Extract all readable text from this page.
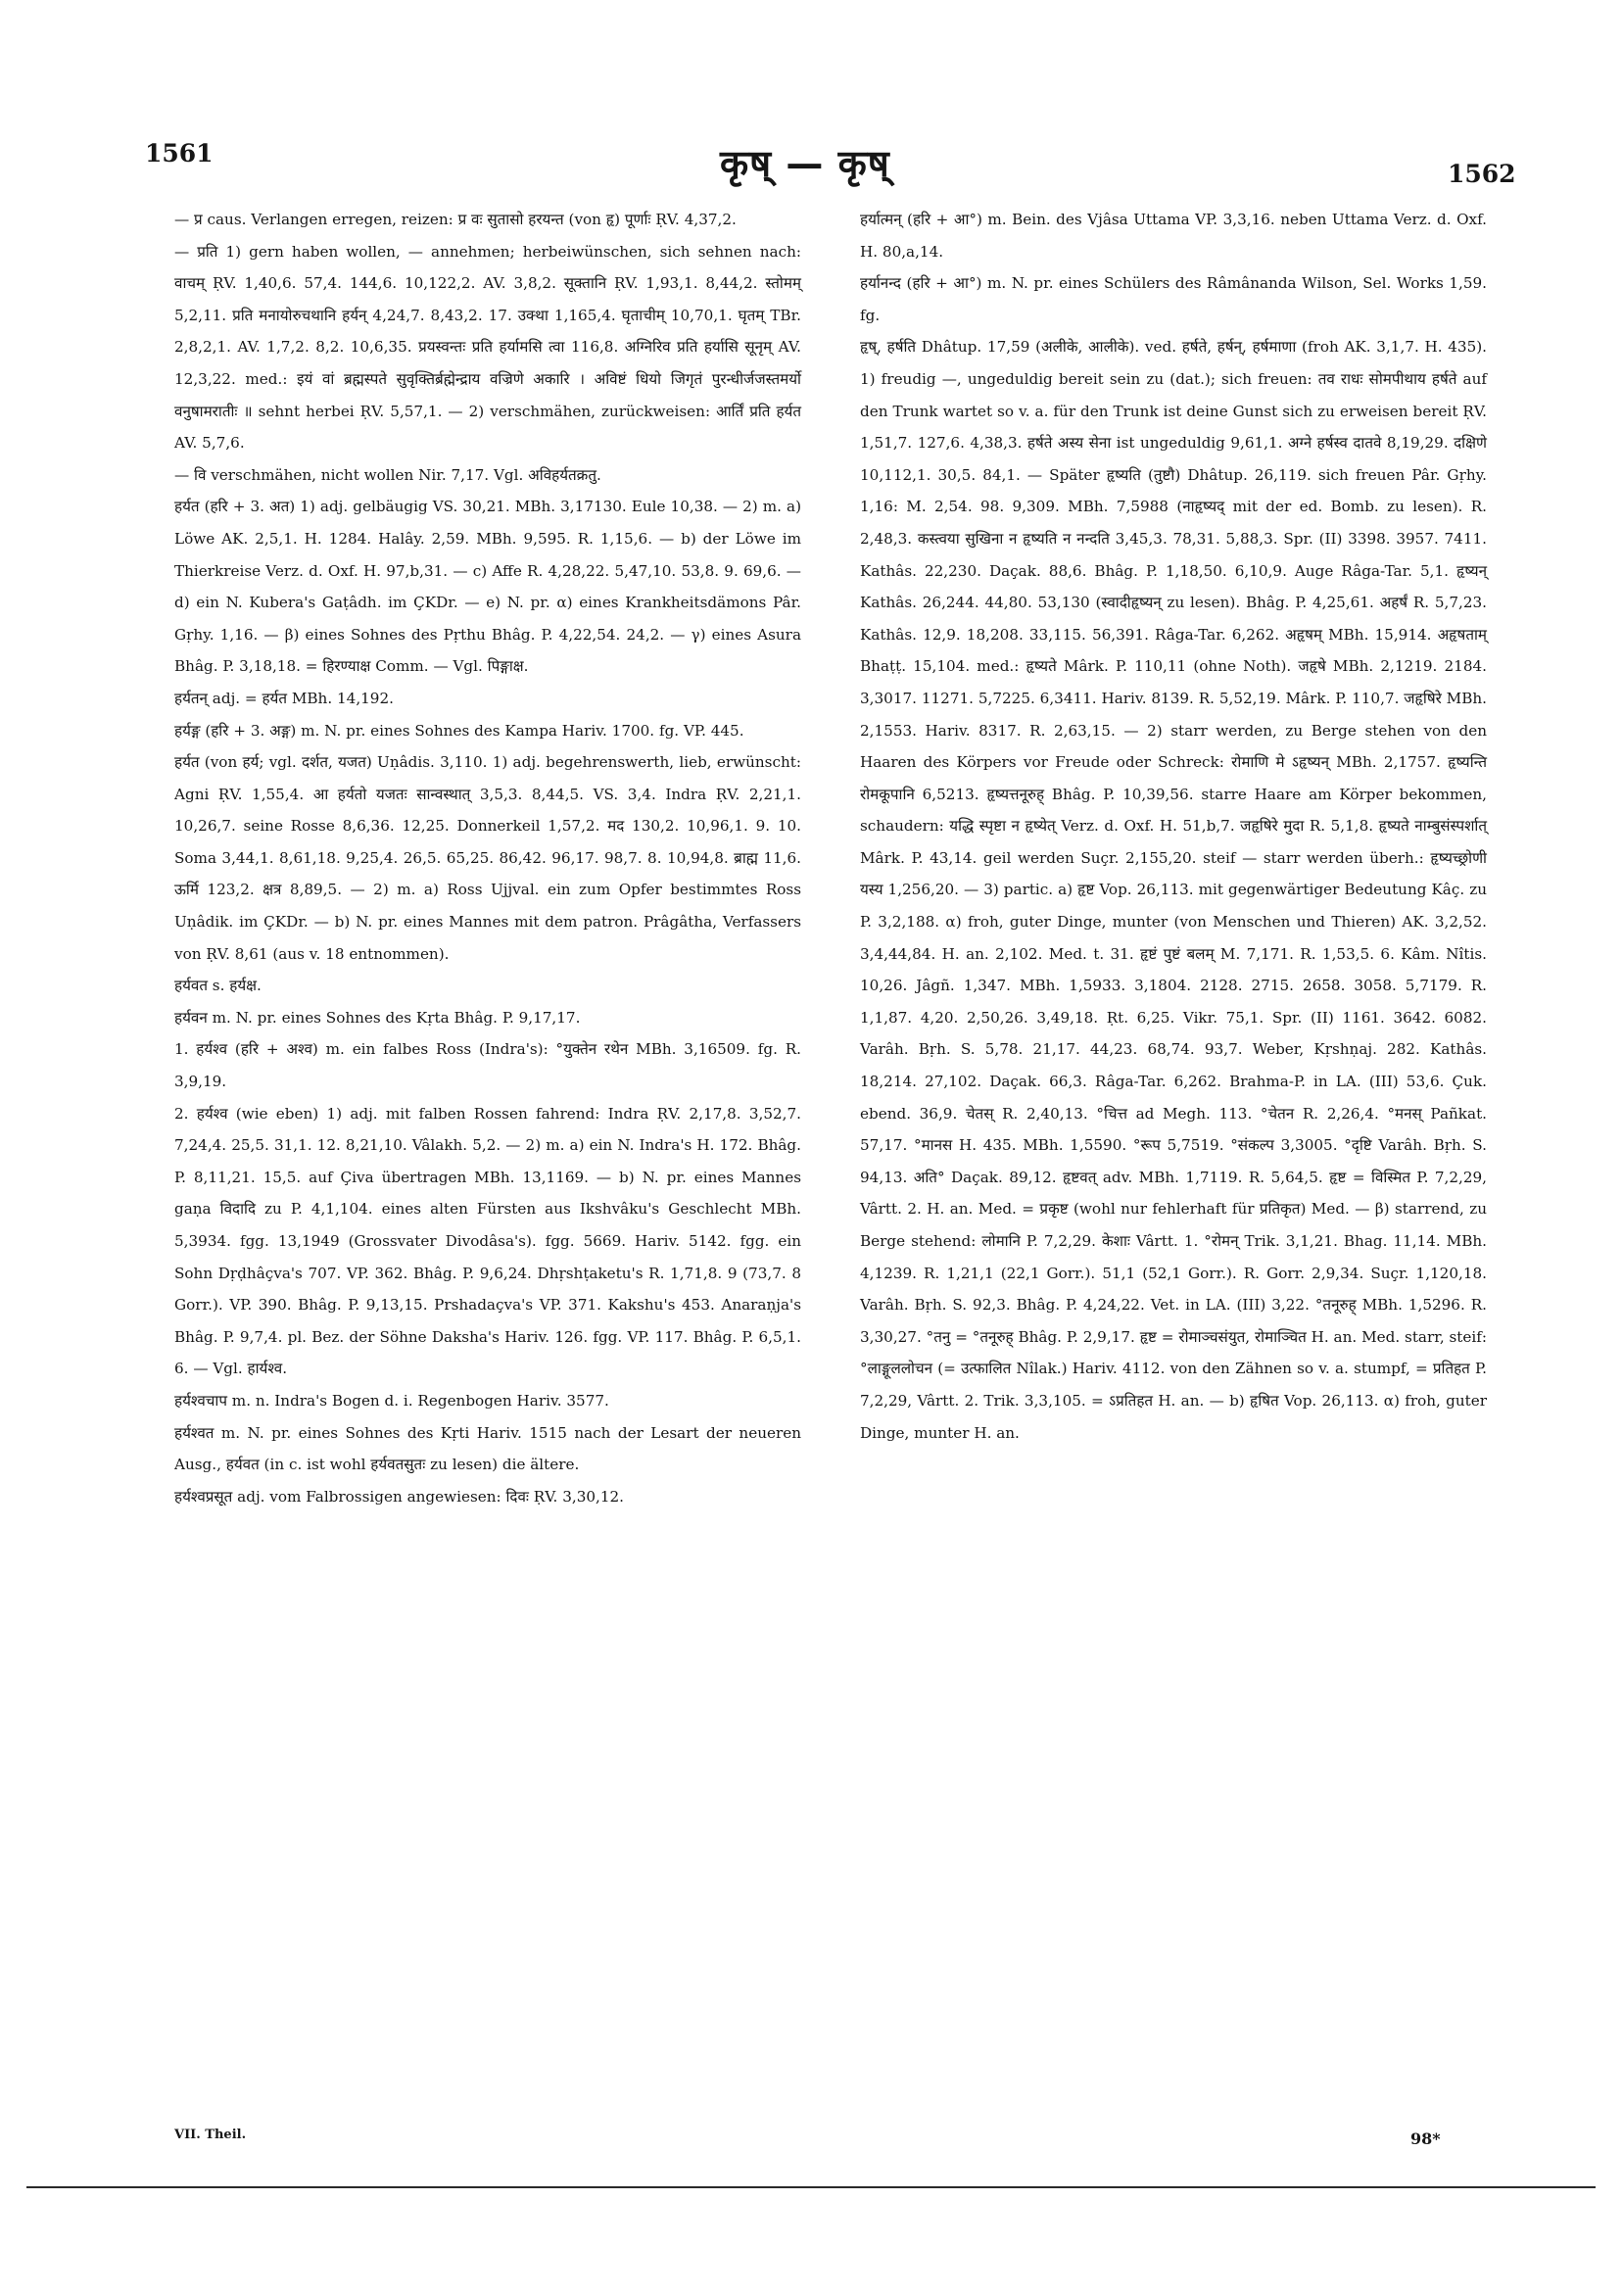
1561	कृष् — कृष्	1562

— प्र caus. Verlangen erregen, reizen: प्र वः सुतासो हरयन्त (von हृ) पूर्णाः ṚV. 4,37,2.

— प्रति 1) gern haben wollen, — annehmen; herbeiwünschen, sich sehnen nach: वाचम् ṚV. 1,40,6. 57,4. 144,6. 10,122,2. AV. 3,8,2. सूक्तानि ṚV. 1,93,1. 8,44,2. स्तोमम् 5,2,11. प्रति मनायोरुचथानि हर्यन् 4,24,7. 8,43,2. 17. उक्था 1,165,4. घृताचीम् 10,70,1. घृतम् TBr. 2,8,2,1. AV. 1,7,2. 8,2. 10,6,35. प्रयस्वन्तः प्रति हर्यामसि त्वा 116,8. अग्निरिव प्रति हर्यासि सूनृम् AV. 12,3,22. med.: इयं वां ब्रह्मस्पते सुवृक्तिर्ब्रह्मेन्द्राय वज्रिणे अकारि । अविष्टं धियो जिगृतं पुरन्धीर्जजस्तमर्यो वनुषामरातीः ॥ sehnt herbei ṚV. 5,57,1. — 2) verschmähen, zurückweisen: आर्तिं प्रति हर्यत AV. 5,7,6.

— वि verschmähen, nicht wollen Nir. 7,17. Vgl. अविहर्यतक्रतु.

हर्यत (हरि + 3. अत) 1) adj. gelbäugig VS. 30,21. MBh. 3,17130. Eule 10,38. — 2) m. a) Löwe AK. 2,5,1. H. 1284. Halây. 2,59. MBh. 9,595. R. 1,15,6. — b) der Löwe im Thierkreise Verz. d. Oxf. H. 97,b,31. — c) Affe R. 4,28,22. 5,47,10. 53,8. 9. 69,6. — d) ein N. Kubera's Gaṭâdh. im ÇKDr. — e) N. pr. α) eines Krankheitsdämons Pâr. Gṛhy. 1,16. — β) eines Sohnes des Pṛthu Bhâg. P. 4,22,54. 24,2. — γ) eines Asura Bhâg. P. 3,18,18. = हिरण्याक्ष Comm. — Vgl. पिङ्गाक्ष.

हर्यतन् adj. = हर्यत MBh. 14,192.

हर्यङ्ग (हरि + 3. अङ्ग) m. N. pr. eines Sohnes des Kampa Hariv. 1700. fg. VP. 445.

हर्यत (von हर्य; vgl. दर्शत, यजत) Uṇâdis. 3,110. 1) adj. begehrenswerth, lieb, erwünscht: Agni ṚV. 1,55,4. आ हर्यतो यजतः सान्वस्थात् 3,5,3. 8,44,5. VS. 3,4. Indra ṚV. 2,21,1. 10,26,7. seine Rosse 8,6,36. 12,25. Donnerkeil 1,57,2. मद 130,2. 10,96,1. 9. 10. Soma 3,44,1. 8,61,18. 9,25,4. 26,5. 65,25. 86,42. 96,17. 98,7. 8. 10,94,8. ब्राह्म 11,6. ऊर्मि 123,2. क्षत्र 8,89,5. — 2) m. a) Ross Ujjval. ein zum Opfer bestimmtes Ross Uṇâdik. im ÇKDr. — b) N. pr. eines Mannes mit dem patron. Prâgâtha, Verfassers von ṚV. 8,61 (aus v. 18 entnommen).

हर्यवत s. हर्यक्ष.

हर्यवन m. N. pr. eines Sohnes des Kṛta Bhâg. P. 9,17,17.

1. हर्यश्व (हरि + अश्व) m. ein falbes Ross (Indra's): °युक्तेन रथेन MBh. 3,16509. fg. R. 3,9,19.

2. हर्यश्व (wie eben) 1) adj. mit falben Rossen fahrend: Indra ṚV. 2,17,8. 3,52,7. 7,24,4. 25,5. 31,1. 12. 8,21,10. Vâlakh. 5,2. — 2) m. a) ein N. Indra's H. 172. Bhâg. P. 8,11,21. 15,5. auf Çiva übertragen MBh. 13,1169. — b) N. pr. eines Mannes gaṇa विदादि zu P. 4,1,104. eines alten Fürsten aus Ikshvâku's Geschlecht MBh. 5,3934. fgg. 13,1949 (Grossvater Divodâsa's). fgg. 5669. Hariv. 5142. fgg. ein Sohn Dṛḍhâçva's 707. VP. 362. Bhâg. P. 9,6,24. Dhṛshṭaketu's R. 1,71,8. 9 (73,7. 8 Gorr.). VP. 390. Bhâg. P. 9,13,15. Prshadaçva's VP. 371. Kakshu's 453. Anaraṇja's Bhâg. P. 9,7,4. pl. Bez. der Söhne Daksha's Hariv. 126. fgg. VP. 117. Bhâg. P. 6,5,1. 6. — Vgl. हार्यश्व.

हर्यश्वचाप m. n. Indra's Bogen d. i. Regenbogen Hariv. 3577.

हर्यश्वत m. N. pr. eines Sohnes des Kṛti Hariv. 1515 nach der Lesart der neueren Ausg., हर्यवत (in c. ist wohl हर्यवतसुतः zu lesen) die ältere.

हर्यश्वप्रसूत adj. vom Falbrossigen angewiesen: दिवः ṚV. 3,30,12.

हर्यात्मन् (हरि + आ°) m. Bein. des Vjâsa Uttama VP. 3,3,16. neben Uttama Verz. d. Oxf. H. 80,a,14.

हर्यानन्द (हरि + आ°) m. N. pr. eines Schülers des Râmânanda Wilson, Sel. Works 1,59. fg.

हृष्, हर्षति Dhâtup. 17,59 (अलीके, आलीके). ved. हर्षते, हर्षन्, हर्षमाणा (froh AK. 3,1,7. H. 435). 1) freudig —, ungeduldig bereit sein zu (dat.); sich freuen: तव राधः सोमपीथाय हर्षते auf den Trunk wartet so v. a. für den Trunk ist deine Gunst sich zu erweisen bereit ṚV. 1,51,7. 127,6. 4,38,3. हर्षते अस्य सेना ist ungeduldig 9,61,1. अग्ने हर्षस्व दातवे 8,19,29. दक्षिणे 10,112,1. 30,5. 84,1. — Später हृष्यति (तुष्टौ) Dhâtup. 26,119. sich freuen Pâr. Gṛhy. 1,16: M. 2,54. 98. 9,309. MBh. 7,5988 (नाहृष्यद् mit der ed. Bomb. zu lesen). R. 2,48,3. कस्त्वया सुखिना न हृष्यति न नन्दति 3,45,3. 78,31. 5,88,3. Spr. (II) 3398. 3957. 7411. Kathâs. 22,230. Daçak. 88,6. Bhâg. P. 1,18,50. 6,10,9. Auge Râga-Tar. 5,1. हृष्यन् Kathâs. 26,244. 44,80. 53,130 (स्वादीहृष्यन् zu lesen). Bhâg. P. 4,25,61. अहर्षं R. 5,7,23. Kathâs. 12,9. 18,208. 33,115. 56,391. Râga-Tar. 6,262. अहृषम् MBh. 15,914. अहृषताम् Bhaṭṭ. 15,104. med.: हृष्यते Mârk. P. 110,11 (ohne Noth). जहृषे MBh. 2,1219. 2184. 3,3017. 11271. 5,7225. 6,3411. Hariv. 8139. R. 5,52,19. Mârk. P. 110,7. जहृषिरे MBh. 2,1553. Hariv. 8317. R. 2,63,15. — 2) starr werden, zu Berge stehen von den Haaren des Körpers vor Freude oder Schreck: रोमाणि मे ऽहृष्यन् MBh. 2,1757. हृष्यन्ति रोमकूपानि 6,5213. हृष्यत्तनूरुह् Bhâg. P. 10,39,56. starre Haare am Körper bekommen, schaudern: यद्धि स्पृष्टा न हृष्येत् Verz. d. Oxf. H. 51,b,7. जहृषिरे मुदा R. 5,1,8. हृष्यते नाम्बुसंस्पर्शात् Mârk. P. 43,14. geil werden Suçr. 2,155,20. steif — starr werden überh.: हृष्यच्छ्रोणी यस्य 1,256,20. — 3) partic. a) हृष्ट Vop. 26,113. mit gegenwärtiger Bedeutung Kâç. zu P. 3,2,188. α) froh, guter Dinge, munter (von Menschen und Thieren) AK. 3,2,52. 3,4,44,84. H. an. 2,102. Med. t. 31. हृष्टं पुष्टं बलम् M. 7,171. R. 1,53,5. 6. Kâm. Nîtis. 10,26. Jâgñ. 1,347. MBh. 1,5933. 3,1804. 2128. 2715. 2658. 3058. 5,7179. R. 1,1,87. 4,20. 2,50,26. 3,49,18. Ṛt. 6,25. Vikr. 75,1. Spr. (II) 1161. 3642. 6082. Varâh. Bṛh. S. 5,78. 21,17. 44,23. 68,74. 93,7. Weber, Kṛshṇaj. 282. Kathâs. 18,214. 27,102. Daçak. 66,3. Râga-Tar. 6,262. Brahma-P. in LA. (III) 53,6. Çuk. ebend. 36,9. चेतस् R. 2,40,13. °चित्त ad Megh. 113. °चेतन R. 2,26,4. °मनस् Pañkat. 57,17. °मानस H. 435. MBh. 1,5590. °रूप 5,7519. °संकल्प 3,3005. °दृष्टि Varâh. Bṛh. S. 94,13. अति° Daçak. 89,12. हृष्टवत् adv. MBh. 1,7119. R. 5,64,5. हृष्ट = विस्मित P. 7,2,29, Vârtt. 2. H. an. Med. = प्रकृष्ट (wohl nur fehlerhaft für प्रतिकृत) Med. — β) starrend, zu Berge stehend: लोमानि P. 7,2,29. केशाः Vârtt. 1. °रोमन् Trik. 3,1,21. Bhag. 11,14. MBh. 4,1239. R. 1,21,1 (22,1 Gorr.). 51,1 (52,1 Gorr.). R. Gorr. 2,9,34. Suçr. 1,120,18. Varâh. Bṛh. S. 92,3. Bhâg. P. 4,24,22. Vet. in LA. (III) 3,22. °तनूरुह् MBh. 1,5296. R. 3,30,27. °तनु = °तनूरुह् Bhâg. P. 2,9,17. हृष्ट = रोमाञ्चसंयुत, रोमाञ्चित H. an. Med. starr, steif: °लाङ्गूललोचन (= उत्फालित Nîlak.) Hariv. 4112. von den Zähnen so v. a. stumpf, = प्रतिहत P. 7,2,29, Vârtt. 2. Trik. 3,3,105. = ऽप्रतिहत H. an. — b) हृषित Vop. 26,113. α) froh, guter Dinge, munter H. an.

VII. Theil.	98*
